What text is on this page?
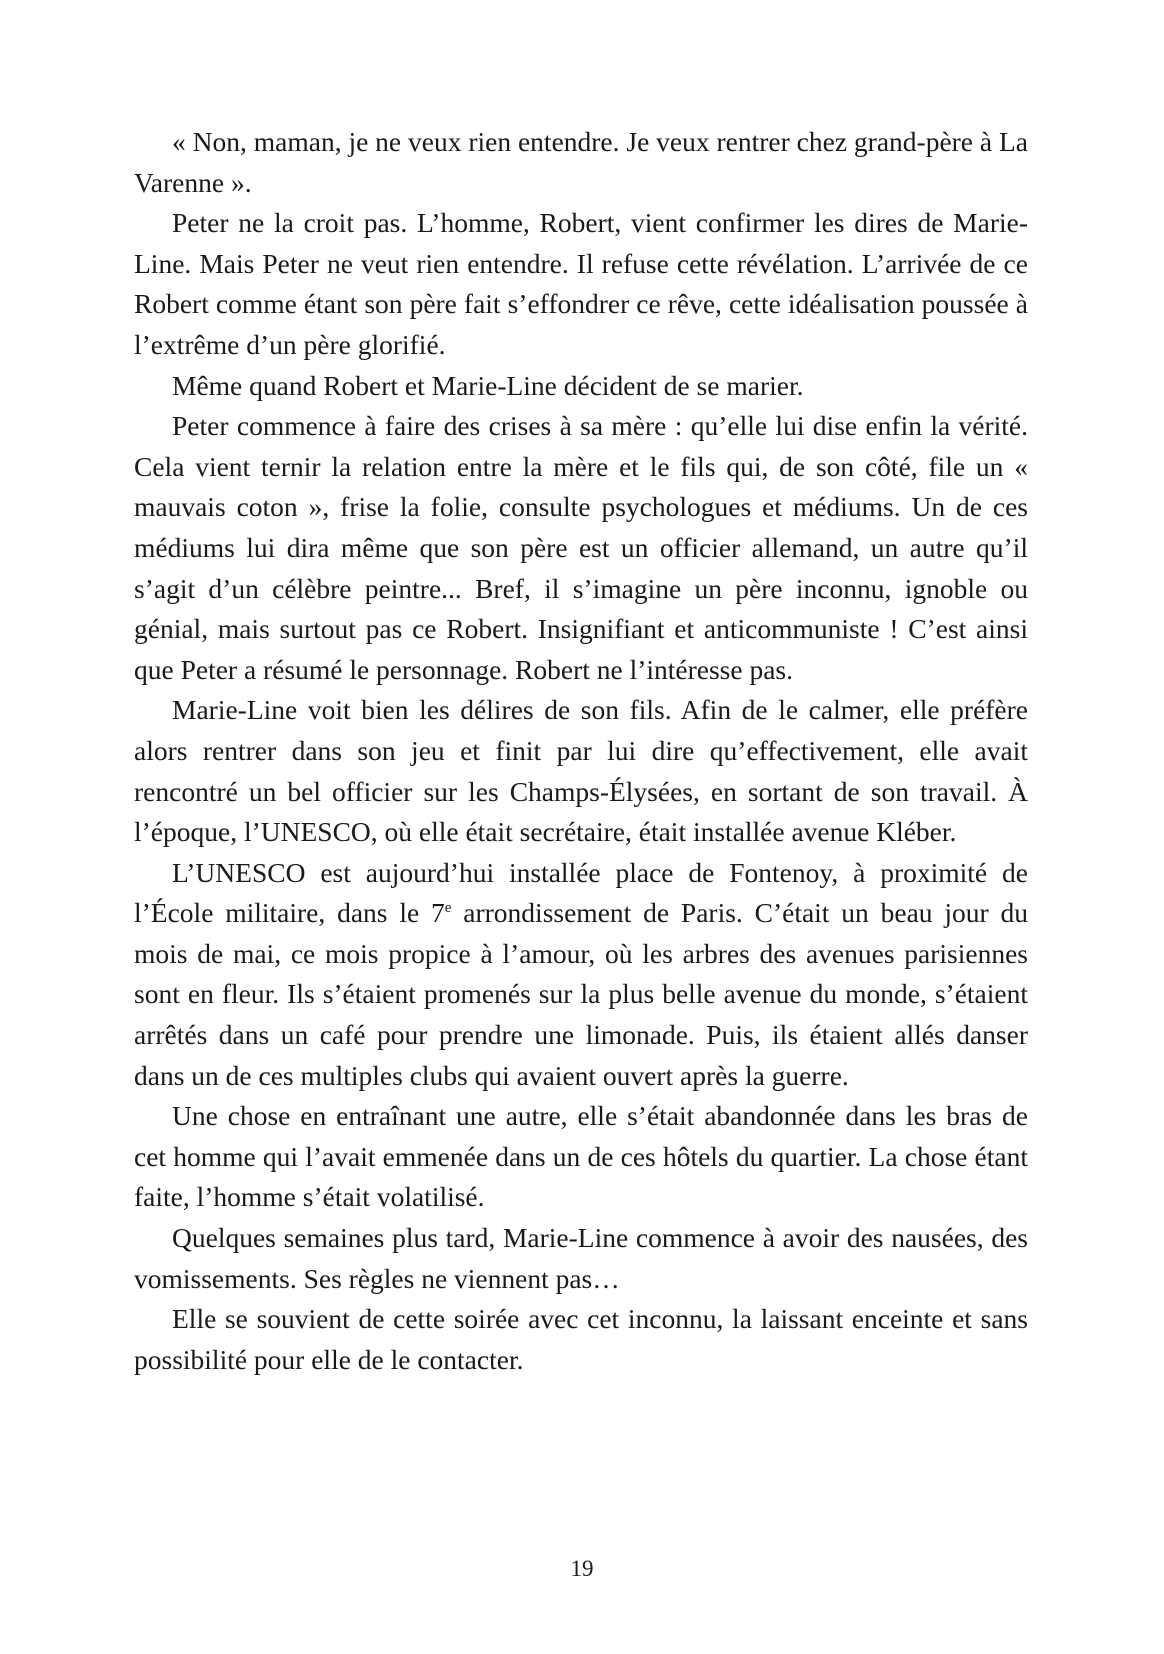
« Non, maman, je ne veux rien entendre. Je veux rentrer chez grand-père à La Varenne ».

Peter ne la croit pas. L’homme, Robert, vient confirmer les dires de Marie-Line. Mais Peter ne veut rien entendre. Il refuse cette révélation. L’arrivée de ce Robert comme étant son père fait s’effondrer ce rêve, cette idéalisation poussée à l’extrême d’un père glorifié.

Même quand Robert et Marie-Line décident de se marier.

Peter commence à faire des crises à sa mère : qu’elle lui dise enfin la vérité. Cela vient ternir la relation entre la mère et le fils qui, de son côté, file un « mauvais coton », frise la folie, consulte psychologues et médiums. Un de ces médiums lui dira même que son père est un officier allemand, un autre qu’il s’agit d’un célèbre peintre... Bref, il s’imagine un père inconnu, ignoble ou génial, mais surtout pas ce Robert. Insignifiant et anticommuniste ! C’est ainsi que Peter a résumé le personnage. Robert ne l’intéresse pas.

Marie-Line voit bien les délires de son fils. Afin de le calmer, elle préfère alors rentrer dans son jeu et finit par lui dire qu’effectivement, elle avait rencontré un bel officier sur les Champs-Élysées, en sortant de son travail. À l’époque, l’UNESCO, où elle était secrétaire, était installée avenue Kléber.

L’UNESCO est aujourd’hui installée place de Fontenoy, à proximité de l’École militaire, dans le 7e arrondissement de Paris. C’était un beau jour du mois de mai, ce mois propice à l’amour, où les arbres des avenues parisiennes sont en fleur. Ils s’étaient promenés sur la plus belle avenue du monde, s’étaient arrêtés dans un café pour prendre une limonade. Puis, ils étaient allés danser dans un de ces multiples clubs qui avaient ouvert après la guerre.

Une chose en entraînant une autre, elle s’était abandonnée dans les bras de cet homme qui l’avait emmenée dans un de ces hôtels du quartier. La chose étant faite, l’homme s’était volatilisé.

Quelques semaines plus tard, Marie-Line commence à avoir des nausées, des vomissements. Ses règles ne viennent pas…

Elle se souvient de cette soirée avec cet inconnu, la laissant enceinte et sans possibilité pour elle de le contacter.

19
